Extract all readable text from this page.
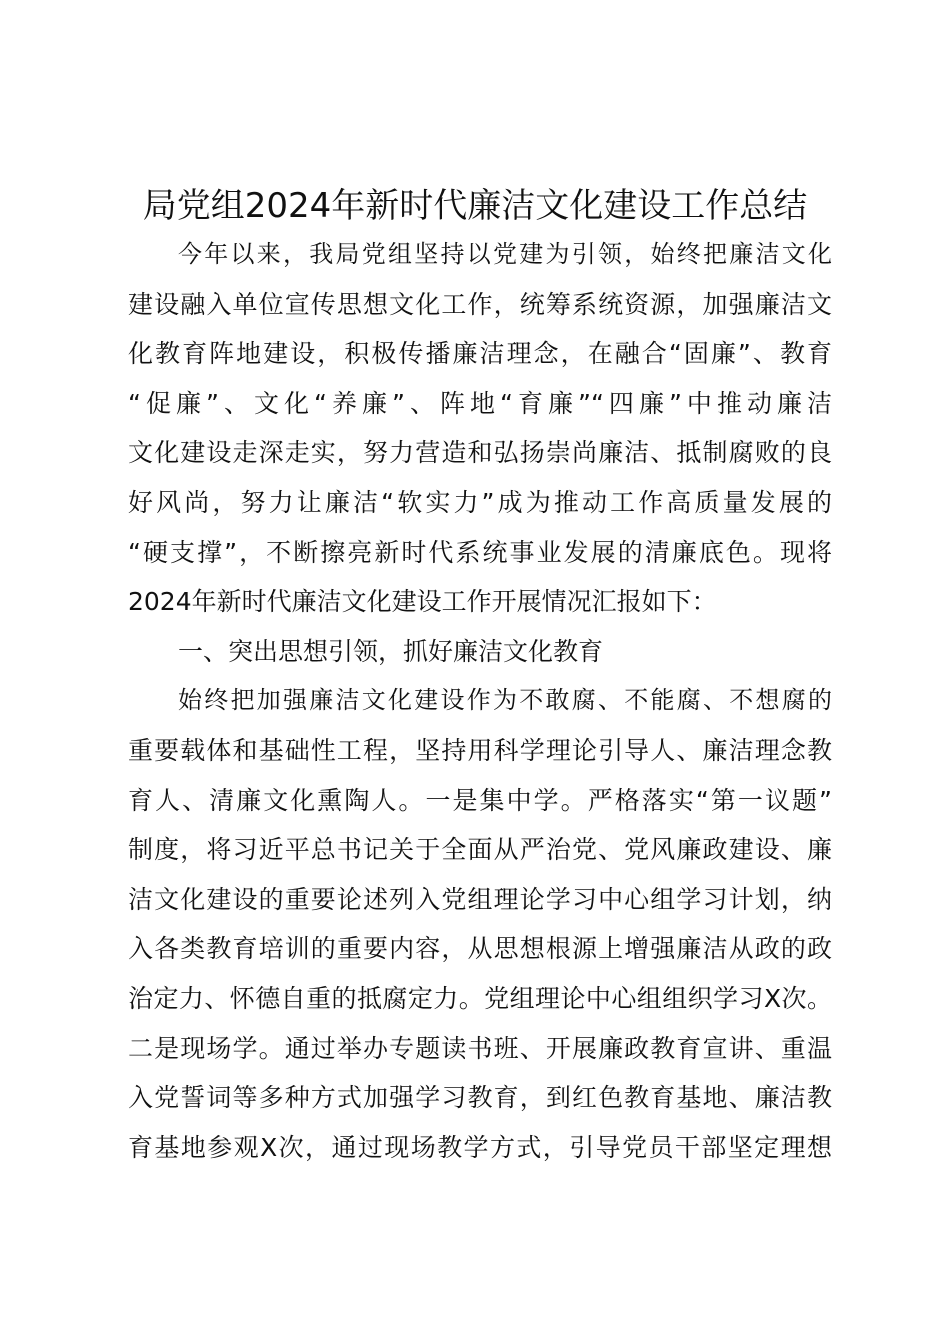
局党组2024年新时代廉洁文化建设工作总结
今年以来，我局党组坚持以党建为引领，始终把廉洁文化
建设融入单位宣传思想文化工作，统筹系统资源，加强廉洁文
化教育阵地建设，积极传播廉洁理念，在融合“固廉”、教育
“促廉”、文化“养廉”、阵地“育廉”“四廉”中推动廉洁
文化建设走深走实，努力营造和弘扬崇尚廉洁、抵制腐败的良
好风尚，努力让廉洁“软实力”成为推动工作高质量发展的
“硬支撑”，不断擦亮新时代系统事业发展的清廉底色。现将
2024年新时代廉洁文化建设工作开展情况汇报如下：
一、突出思想引领，抓好廉洁文化教育
始终把加强廉洁文化建设作为不敢腐、不能腐、不想腐的
重要载体和基础性工程，坚持用科学理论引导人、廉洁理念教
育人、清廉文化熏陶人。一是集中学。严格落实“第一议题”
制度，将习近平总书记关于全面从严治党、党风廉政建设、廉
洁文化建设的重要论述列入党组理论学习中心组学习计划，纳
入各类教育培训的重要内容，从思想根源上增强廉洁从政的政
治定力、怀德自重的抵腐定力。党组理论中心组组织学习X次。
二是现场学。通过举办专题读书班、开展廉政教育宣讲、重温
入党誓词等多种方式加强学习教育，到红色教育基地、廉洁教
育基地参观X次，通过现场教学方式，引导党员干部坚定理想
